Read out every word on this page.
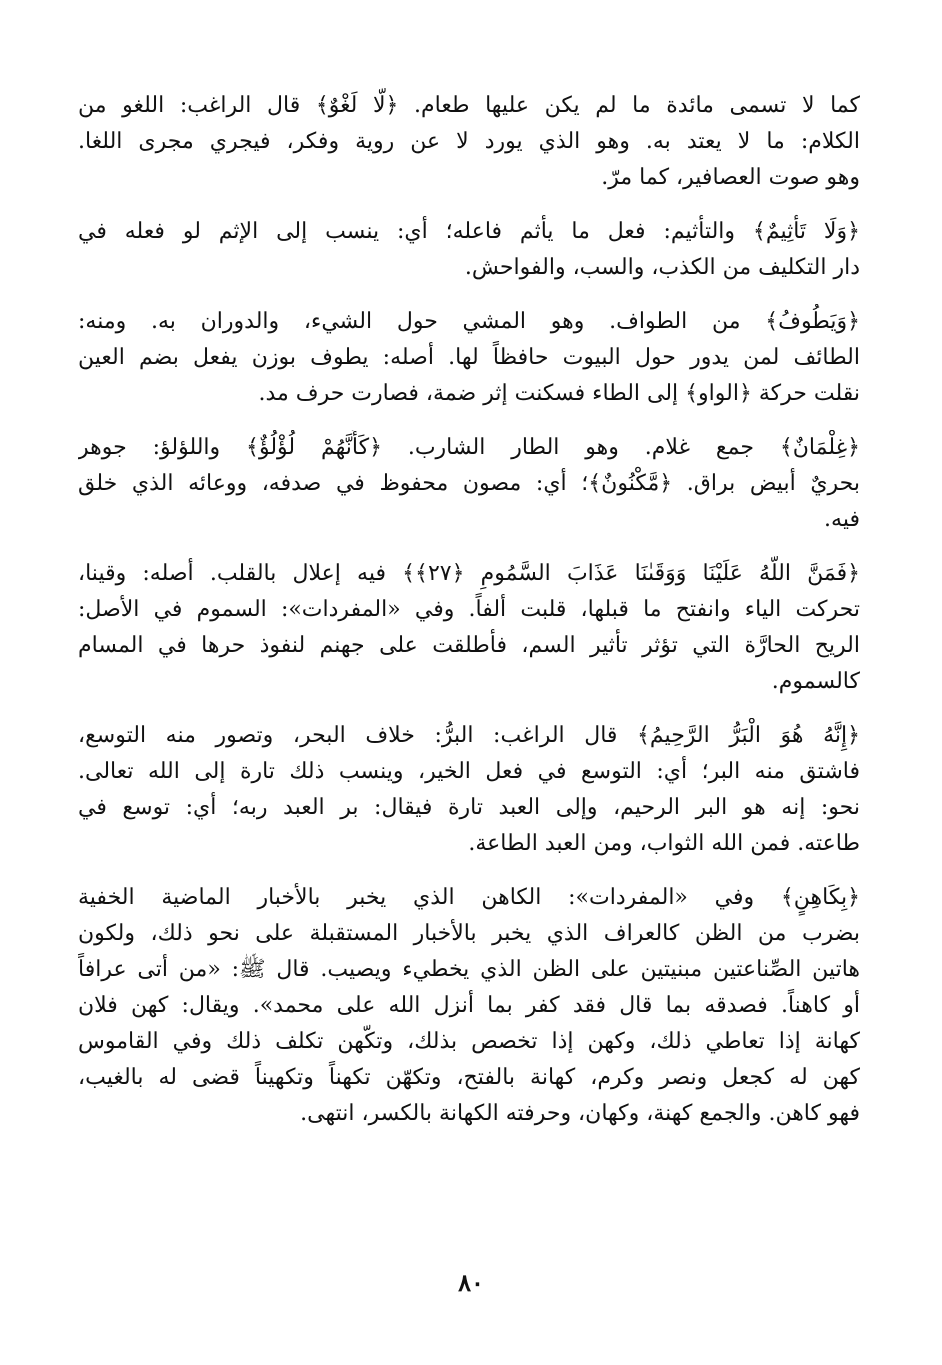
كما لا تسمى مائدة ما لم يكن عليها طعام. ﴿لَّا لَغْوٌ﴾ قال الراغب: اللغو من
الكلام: ما لا يعتد به. وهو الذي يورد لا عن روية وفكر، فيجري مجرى اللغا.
وهو صوت العصافير، كما مرّ.
﴿وَلَا تَأْثِيمٌ﴾ والتأثيم: فعل ما يأثم فاعله؛ أي: ينسب إلى الإثم لو فعله في
دار التكليف من الكذب، والسب، والفواحش.
﴿وَيَطُوفُ﴾ من الطواف. وهو المشي حول الشيء، والدوران به. ومنه:
الطائف لمن يدور حول البيوت حافظاً لها. أصله: يطوف بوزن يفعل بضم العين
نقلت حركة ﴿الواو﴾ إلى الطاء فسكنت إثر ضمة، فصارت حرف مد.
﴿غِلْمَانٌ﴾ جمع غلام. وهو الطار الشارب. ﴿كَأَنَّهُمْ لُؤْلُؤٌ﴾ واللؤلؤ: جوهر
بحريٌ أبيض براق. ﴿مَّكْنُونٌ﴾؛ أي: مصون محفوظ في صدفه، ووعائه الذي خلق
فيه.
﴿فَمَنَّ اللَّهُ عَلَيْنَا وَوَقَىٰنَا عَذَابَ السَّمُومِ ﴿٢٧﴾﴾ فيه إعلال بالقلب. أصله: وقينا،
تحركت الياء وانفتح ما قبلها، قلبت ألفاً. وفي «المفردات»: السموم في الأصل:
الريح الحارَّة التي تؤثر تأثير السم، فأطلقت على جهنم لنفوذ حرها في المسام
كالسموم.
﴿إِنَّهُ هُوَ الْبَرُّ الرَّحِيمُ﴾ قال الراغب: البرُّ: خلاف البحر، وتصور منه التوسع،
فاشتق منه البر؛ أي: التوسع في فعل الخير، وينسب ذلك تارة إلى الله تعالى.
نحو: إنه هو البر الرحيم، وإلى العبد تارة فيقال: بر العبد ربه؛ أي: توسع في
طاعته. فمن الله الثواب، ومن العبد الطاعة.
﴿بِكَاهِنٍ﴾ وفي «المفردات»: الكاهن الذي يخبر بالأخبار الماضية الخفية
بضرب من الظن كالعراف الذي يخبر بالأخبار المستقبلة على نحو ذلك، ولكون
هاتين الصِّناعتين مبنيتين على الظن الذي يخطيء ويصيب. قال ﷺ: «من أتى عرافاً
أو كاهناً. فصدقه بما قال فقد كفر بما أنزل الله على محمد». ويقال: كهن فلان
كهانة إذا تعاطي ذلك، وكهن إذا تخصص بذلك، وتكّهن تكلف ذلك وفي القاموس
كهن له كجعل ونصر وكرم، كهانة بالفتح، وتكهّن تكهناً وتكهيناً قضى له بالغيب،
فهو كاهن. والجمع كهنة، وكهان، وحرفته الكهانة بالكسر، انتهى.
٨٠
